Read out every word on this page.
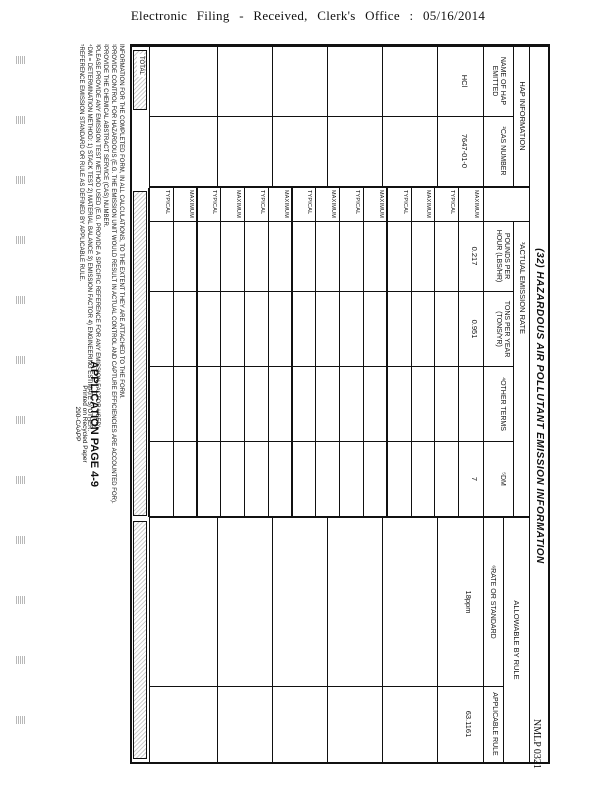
Electronic Filing - Received, Clerk's Office : 05/16/2014
(32) HAZARDOUS AIR POLLUTANT EMISSION INFORMATION
HAP INFORMATION
NAME OF HAP EMITTED
²CAS NUMBER
HCl
7647-01-0
³ACTUAL EMISSION RATE
POUNDS PER HOUR (LBS/HR)
TONS PER YEAR (TONS/YR)
⁴OTHER TERMS
⁵DM
MAXIMUM
TYPICAL
MAXIMUM
TYPICAL
MAXIMUM
TYPICAL
MAXIMUM
TYPICAL
MAXIMUM
TYPICAL
MAXIMUM
TYPICAL
MAXIMUM
TYPICAL
0.217
0.951
7
ALLOWABLE BY RULE
⁶RATE OR STANDARD
APPLICABLE RULE
18ppm
63.1161
TOTAL
INFORMATION FOR THE COMPLETED FORM, IN ALL CALCULATIONS, TO THE EXTENT THEY ARE ATTACHED TO THE FORM.
¹PROVIDE CONTROL FOR HAZARDOUS (E.G. THE EMISSION UNIT WOULD RESULT IN ACTUAL CONTROL AND CAPTURE EFFICIENCIES ARE ACCOUNTED FOR).
²PROVIDE THE CHEMICAL ABSTRACT SERVICE (CAS) NUMBER.
³PLEASE PROVIDE ANY EMISSION TEST METHOD USED (E.G. PROVIDE A SPECIFIC REFERENCE FOR ANY EMISSION FACTOR USED).
⁴DM = DETERMINATION METHOD: 1) STACK TEST 2) MATERIAL BALANCE 3) EMISSION FACTOR 4) ENGINEERING ESTIMATE 5) OTHER.
⁵REFERENCE EMISSION STANDARD OR RULE AS DEFINED BY APPLICABLE RULE.
APPLICATION PAGE 4-9
Printed on Recycled Paper
290-CAAPP
NMLP 0321
